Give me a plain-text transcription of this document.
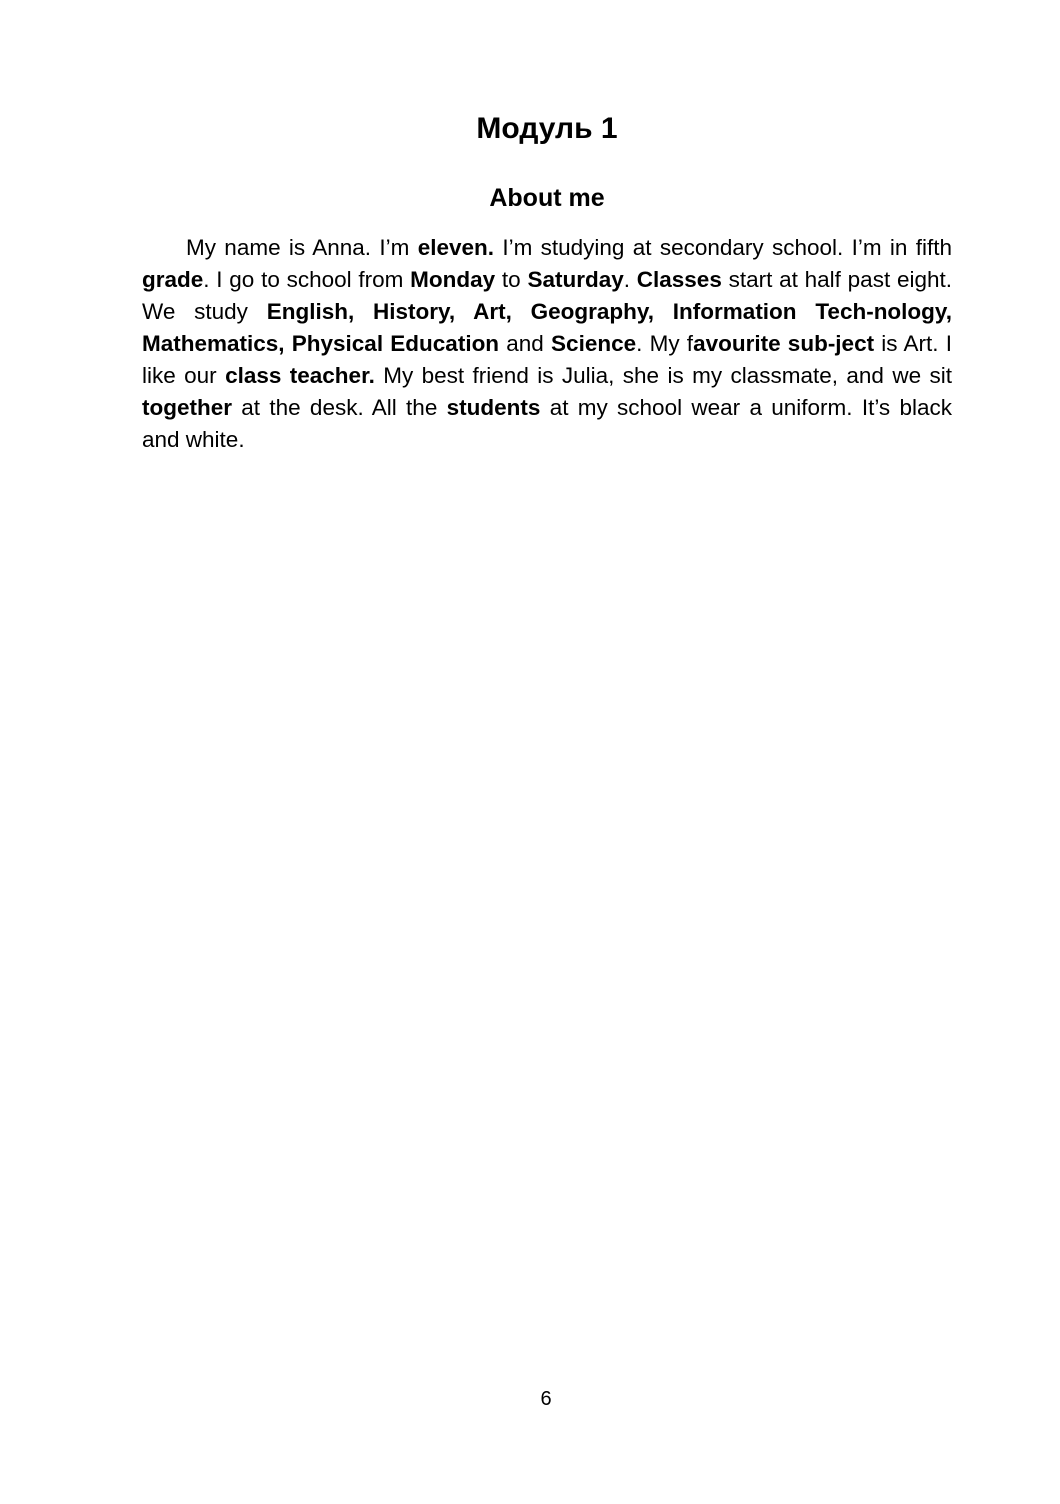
Модуль 1
About me

My name is Anna. I’m eleven. I’m studying at secondary school. I’m in fifth grade. I go to school from Monday to Saturday. Classes start at half past eight. We study English, History, Art, Geography, Information Tech-nology, Mathematics, Physical Education and Science. My favourite sub-ject is Art. I like our class teacher. My best friend is Julia, she is my classmate, and we sit together at the desk. All the students at my school wear a uniform. It’s black and white.

6
